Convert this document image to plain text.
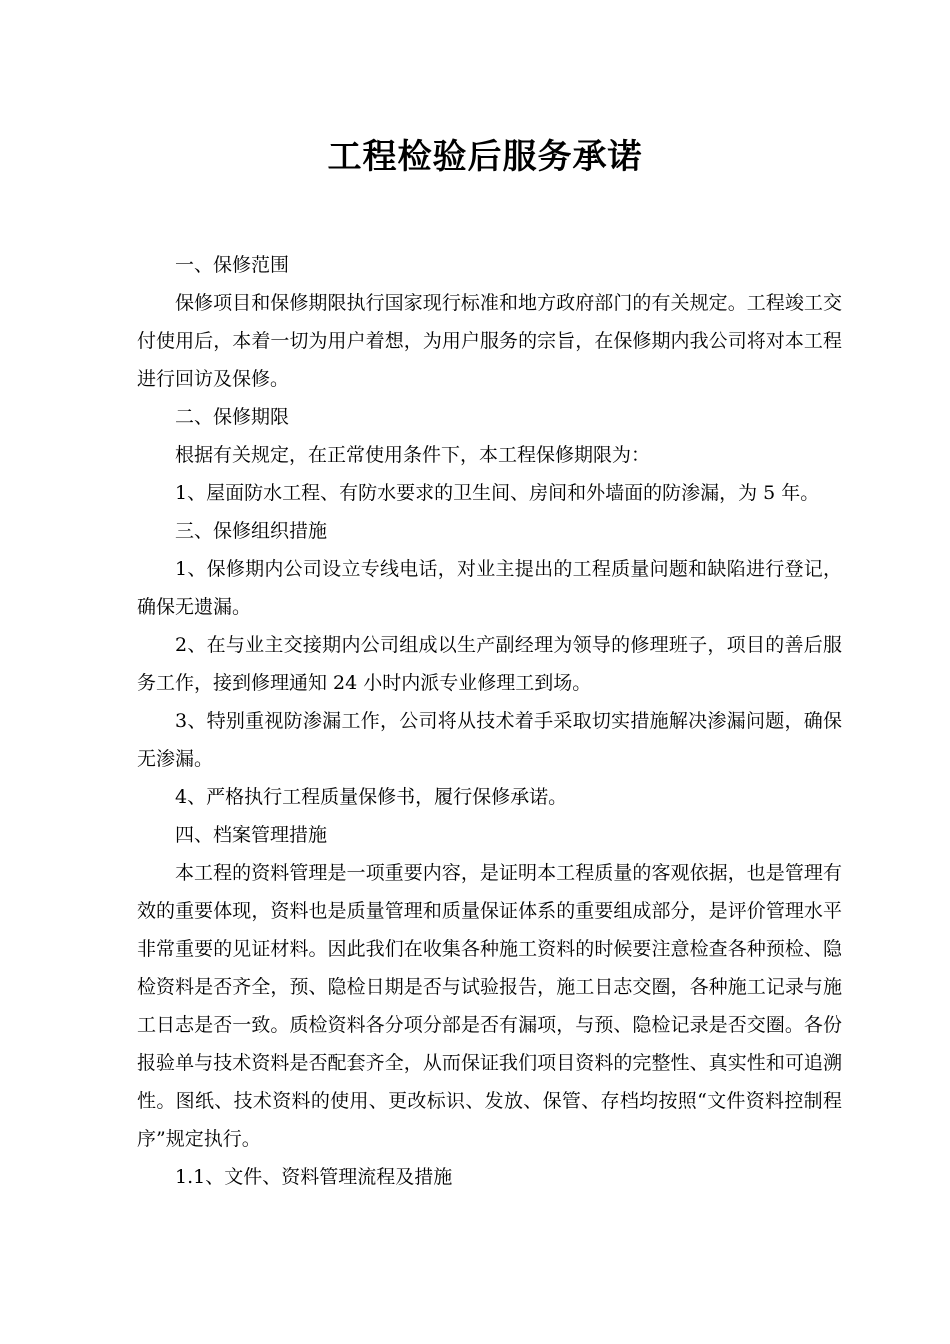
工程检验后服务承诺

一、保修范围

保修项目和保修期限执行国家现行标准和地方政府部门的有关规定。工程竣工交付使用后，本着一切为用户着想，为用户服务的宗旨，在保修期内我公司将对本工程进行回访及保修。

二、保修期限

根据有关规定，在正常使用条件下，本工程保修期限为：

1、屋面防水工程、有防水要求的卫生间、房间和外墙面的防渗漏，为 5 年。

三、保修组织措施

1、保修期内公司设立专线电话，对业主提出的工程质量问题和缺陷进行登记，确保无遗漏。

2、在与业主交接期内公司组成以生产副经理为领导的修理班子，项目的善后服务工作，接到修理通知 24 小时内派专业修理工到场。

3、特别重视防渗漏工作，公司将从技术着手采取切实措施解决渗漏问题，确保无渗漏。

4、严格执行工程质量保修书，履行保修承诺。

四、档案管理措施

本工程的资料管理是一项重要内容，是证明本工程质量的客观依据，也是管理有效的重要体现，资料也是质量管理和质量保证体系的重要组成部分，是评价管理水平非常重要的见证材料。因此我们在收集各种施工资料的时候要注意检查各种预检、隐检资料是否齐全，预、隐检日期是否与试验报告，施工日志交圈，各种施工记录与施工日志是否一致。质检资料各分项分部是否有漏项，与预、隐检记录是否交圈。各份报验单与技术资料是否配套齐全，从而保证我们项目资料的完整性、真实性和可追溯性。图纸、技术资料的使用、更改标识、发放、保管、存档均按照“文件资料控制程序”规定执行。

1.1、文件、资料管理流程及措施
